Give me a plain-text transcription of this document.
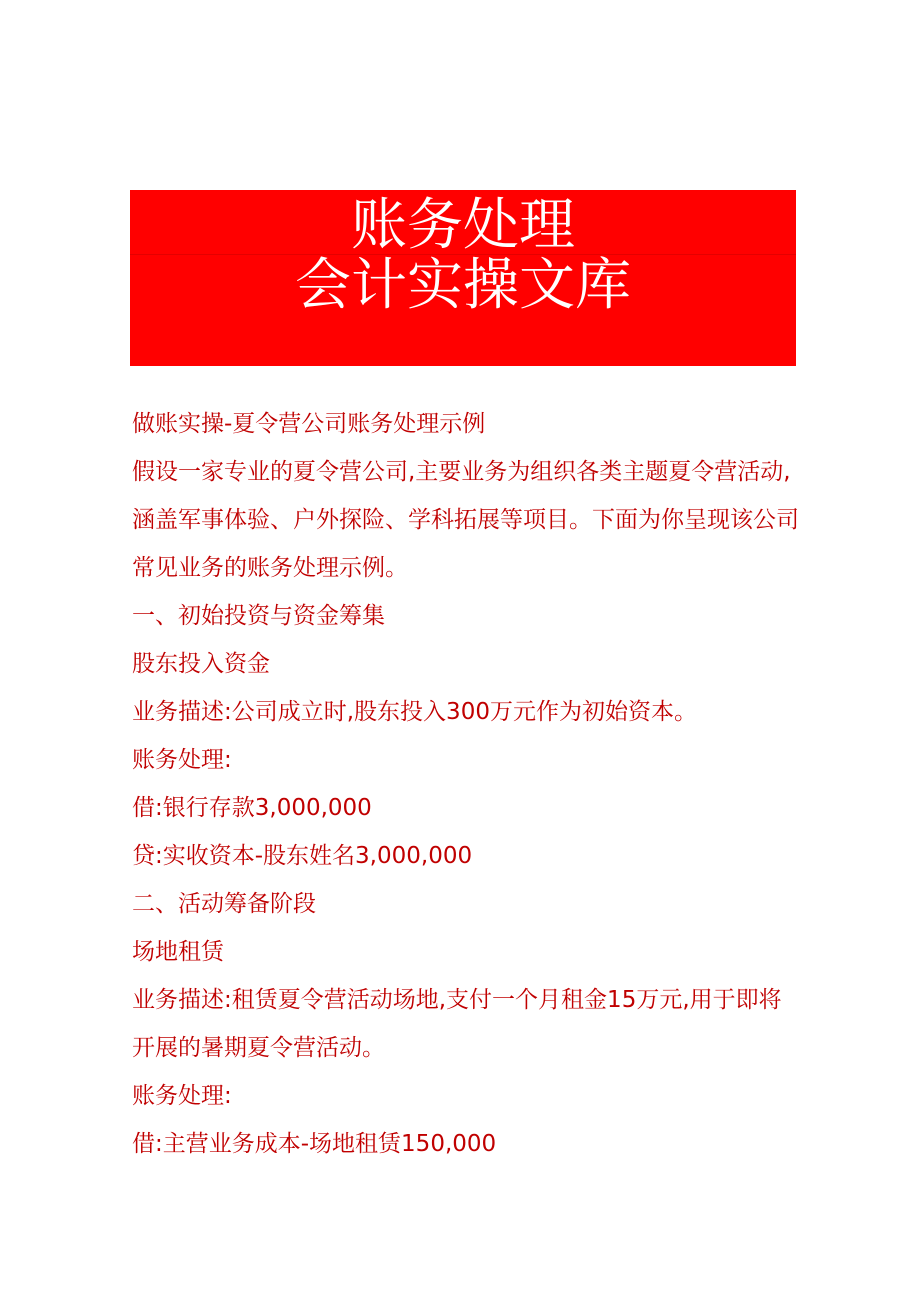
账务处理
会计实操文库
做账实操-夏令营公司账务处理示例
假设一家专业的夏令营公司,主要业务为组织各类主题夏令营活动,
涵盖军事体验、户外探险、学科拓展等项目。下面为你呈现该公司
常见业务的账务处理示例。
一、初始投资与资金筹集
股东投入资金
业务描述:公司成立时,股东投入300万元作为初始资本。
账务处理:
借:银行存款3,000,000
贷:实收资本-股东姓名3,000,000
二、活动筹备阶段
场地租赁
业务描述:租赁夏令营活动场地,支付一个月租金15万元,用于即将
开展的暑期夏令营活动。
账务处理:
借:主营业务成本-场地租赁150,000
